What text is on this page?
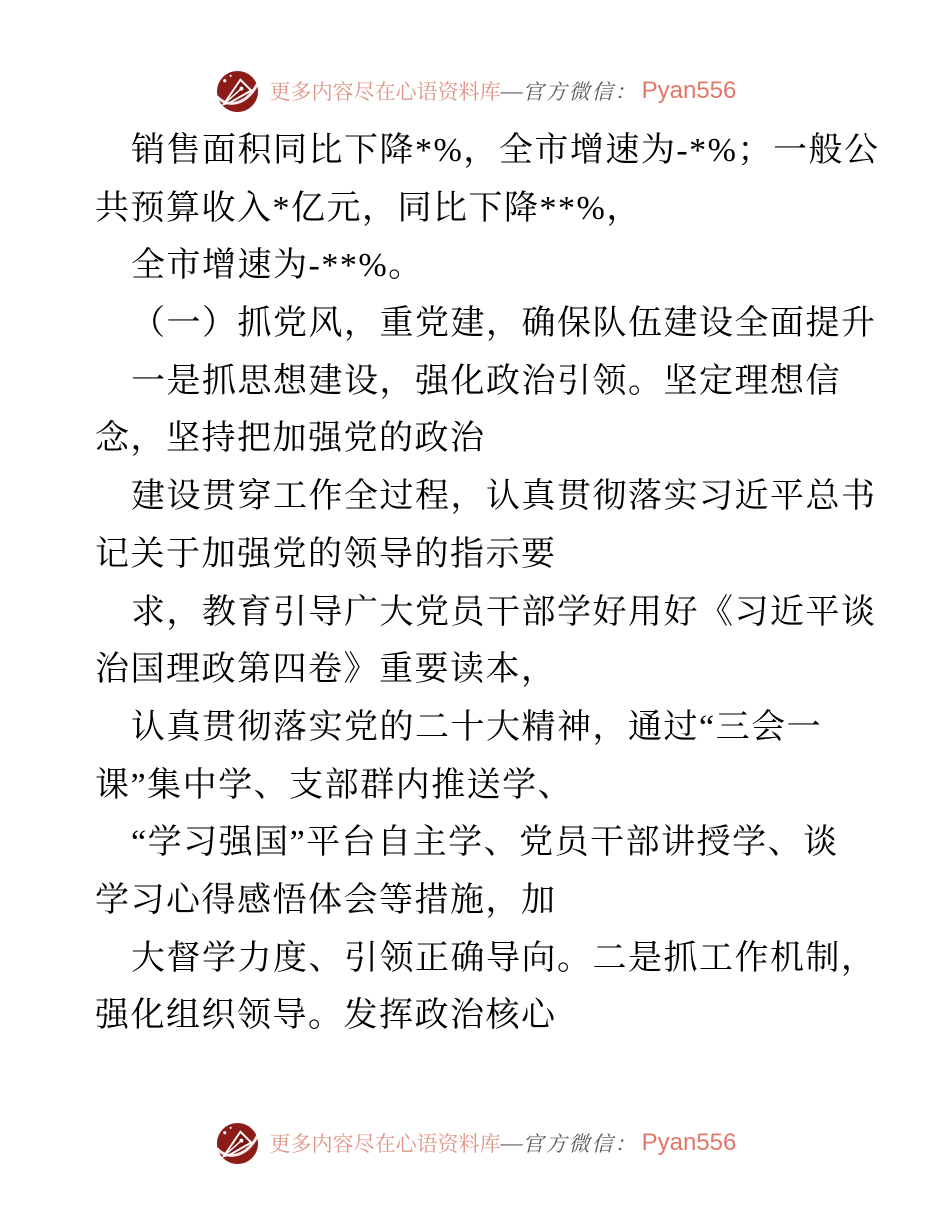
更多内容尽在心语资料库 — 官方微信： Pyan556
销售面积同比下降*%，全市增速为-*%；一般公
共预算收入*亿元，同比下降**%，
全市增速为-**%。
（一）抓党风，重党建，确保队伍建设全面提升
一是抓思想建设，强化政治引领。坚定理想信
念，坚持把加强党的政治
建设贯穿工作全过程，认真贯彻落实习近平总书
记关于加强党的领导的指示要
求，教育引导广大党员干部学好用好《习近平谈
治国理政第四卷》重要读本，
认真贯彻落实党的二十大精神，通过“三会一
课”集中学、支部群内推送学、
“学习强国”平台自主学、党员干部讲授学、谈
学习心得感悟体会等措施，加
大督学力度、引领正确导向。二是抓工作机制，
强化组织领导。发挥政治核心
更多内容尽在心语资料库 — 官方微信： Pyan556
